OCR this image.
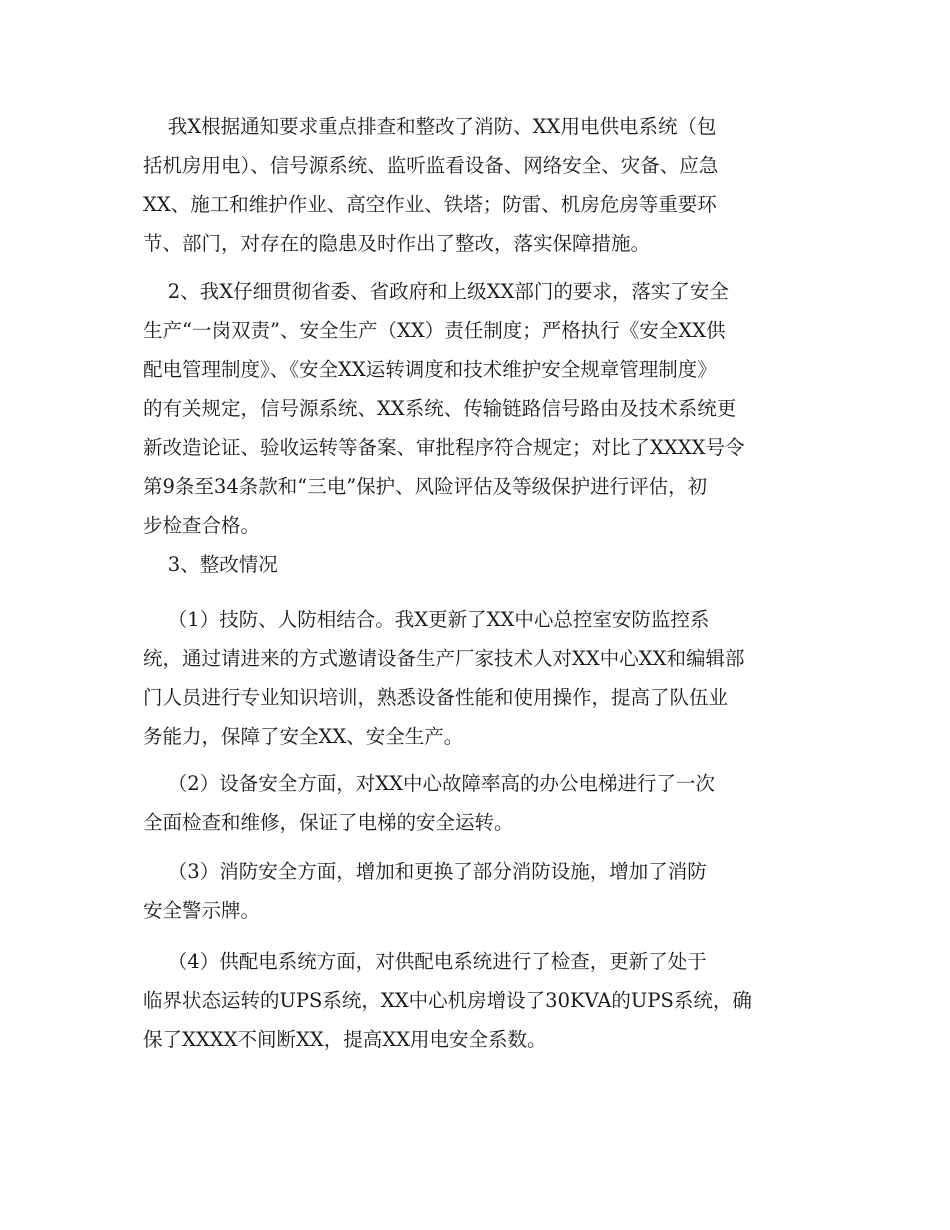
我X根据通知要求重点排查和整改了消防、XX用电供电系统（包
括机房用电）、信号源系统、监听监看设备、网络安全、灾备、应急
XX、施工和维护作业、高空作业、铁塔；防雷、机房危房等重要环
节、部门，对存在的隐患及时作出了整改，落实保障措施。
2、我X仔细贯彻省委、省政府和上级XX部门的要求，落实了安全
生产“一岗双责”、安全生产（XX）责任制度；严格执行《安全XX供
配电管理制度》、《安全XX运转调度和技术维护安全规章管理制度》
的有关规定，信号源系统、XX系统、传输链路信号路由及技术系统更
新改造论证、验收运转等备案、审批程序符合规定；对比了XXXX号令
第9条至34条款和“三电”保护、风险评估及等级保护进行评估，初
步检查合格。
3、整改情况
（1）技防、人防相结合。我X更新了XX中心总控室安防监控系
统，通过请进来的方式邀请设备生产厂家技术人对XX中心XX和编辑部
门人员进行专业知识培训，熟悉设备性能和使用操作，提高了队伍业
务能力，保障了安全XX、安全生产。
（2）设备安全方面，对XX中心故障率高的办公电梯进行了一次
全面检查和维修，保证了电梯的安全运转。
（3）消防安全方面，增加和更换了部分消防设施，增加了消防
安全警示牌。
（4）供配电系统方面，对供配电系统进行了检查，更新了处于
临界状态运转的UPS系统，XX中心机房增设了30KVA的UPS系统，确
保了XXXX不间断XX，提高XX用电安全系数。
